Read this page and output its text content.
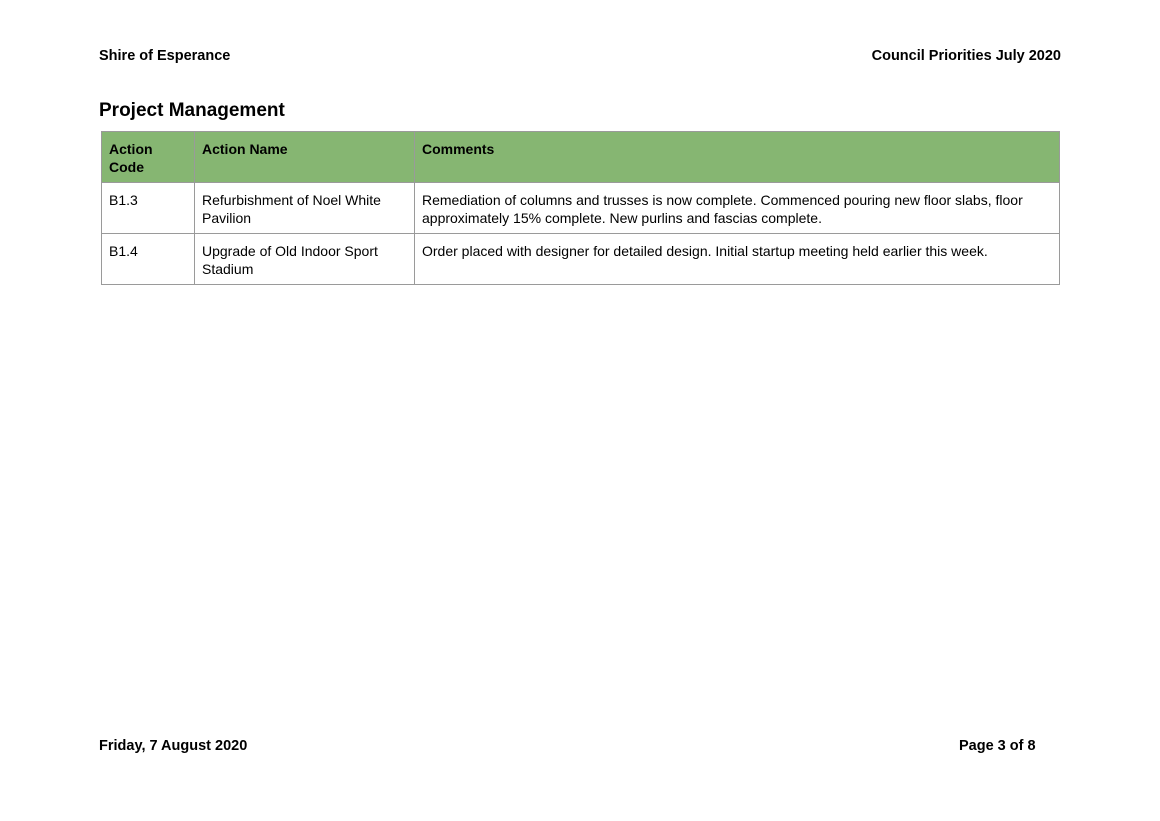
Shire of Esperance	Council Priorities July 2020
Project Management
Action Code	Action Name	Comments
B1.3	Refurbishment of Noel White Pavilion	Remediation of columns and trusses is now complete. Commenced pouring new floor slabs, floor approximately 15% complete. New purlins and fascias complete.
B1.4	Upgrade of Old Indoor Sport Stadium	Order placed with designer for detailed design. Initial startup meeting held earlier this week.
Friday, 7 August 2020	Page 3 of 8
